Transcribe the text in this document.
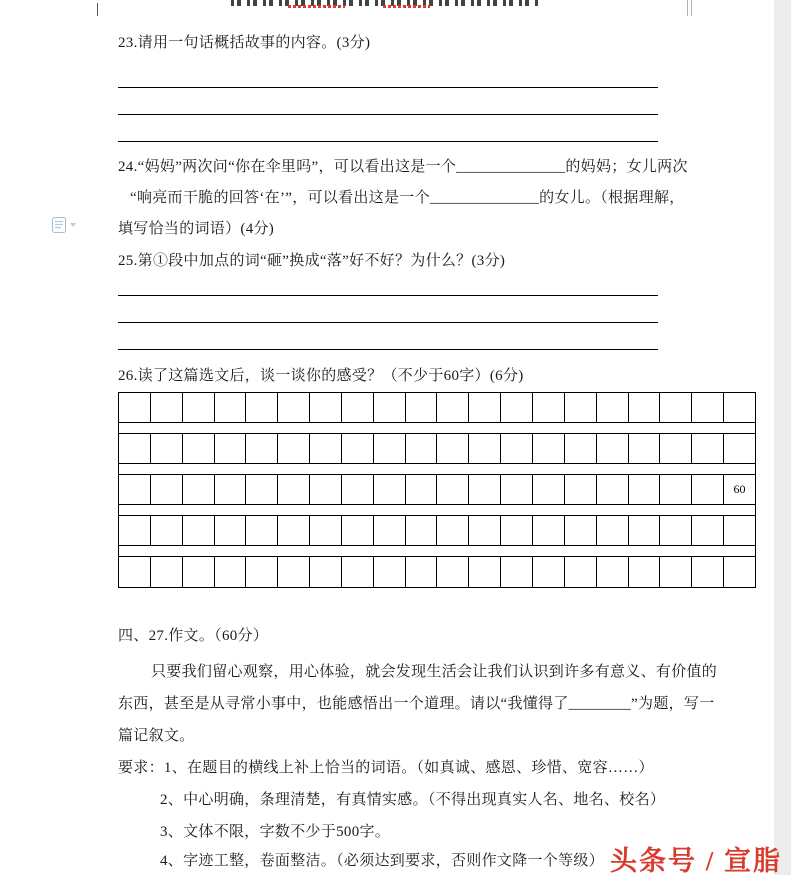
23.请用一句话概括故事的内容。(3分)
24.“妈妈”两次问“你在伞里吗”，可以看出这是一个______________的妈妈；女儿两次
“响亮而干脆的回答‘在’”，可以看出这是一个______________的女儿。（根据理解，
填写恰当的词语）(4分)
25.第①段中加点的词“砸”换成“落”好不好？为什么？(3分)
26.读了这篇选文后，谈一谈你的感受？（不少于60字）(6分)
60
四、27.作文。（60分）
只要我们留心观察，用心体验，就会发现生活会让我们认识到许多有意义、有价值的
东西，甚至是从寻常小事中，也能感悟出一个道理。请以“我懂得了________”为题，写一
篇记叙文。
要求：1、在题目的横线上补上恰当的词语。（如真诚、感恩、珍惜、宽容……）
2、中心明确，条理清楚，有真情实感。（不得出现真实人名、地名、校名）
3、文体不限，字数不少于500字。
4、字迹工整，卷面整洁。（必须达到要求，否则作文降一个等级） 头条号 / 宣脂
